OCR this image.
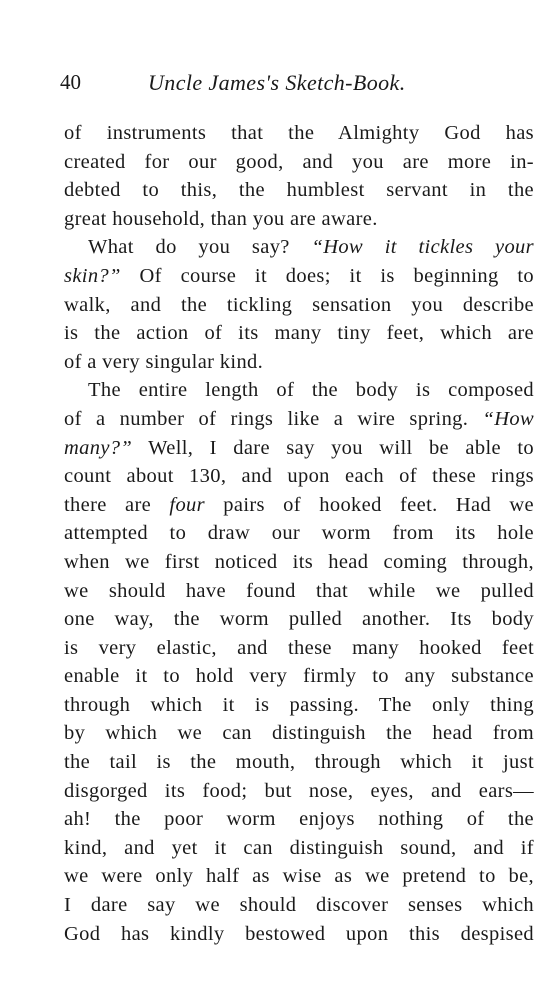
40	Uncle James's Sketch-Book.
of instruments that the Almighty God has
created for our good, and you are more in-
debted to this, the humblest servant in the
great household, than you are aware.
What do you say? “How it tickles your
skin?” Of course it does; it is beginning to
walk, and the tickling sensation you describe
is the action of its many tiny feet, which are
of a very singular kind.
The entire length of the body is composed
of a number of rings like a wire spring. “How
many?” Well, I dare say you will be able to
count about 130, and upon each of these rings
there are four pairs of hooked feet. Had we
attempted to draw our worm from its hole
when we first noticed its head coming through,
we should have found that while we pulled
one way, the worm pulled another. Its body
is very elastic, and these many hooked feet
enable it to hold very firmly to any substance
through which it is passing. The only thing
by which we can distinguish the head from
the tail is the mouth, through which it just
disgorged its food; but nose, eyes, and ears—
ah! the poor worm enjoys nothing of the
kind, and yet it can distinguish sound, and if
we were only half as wise as we pretend to be,
I dare say we should discover senses which
God has kindly bestowed upon this despised
